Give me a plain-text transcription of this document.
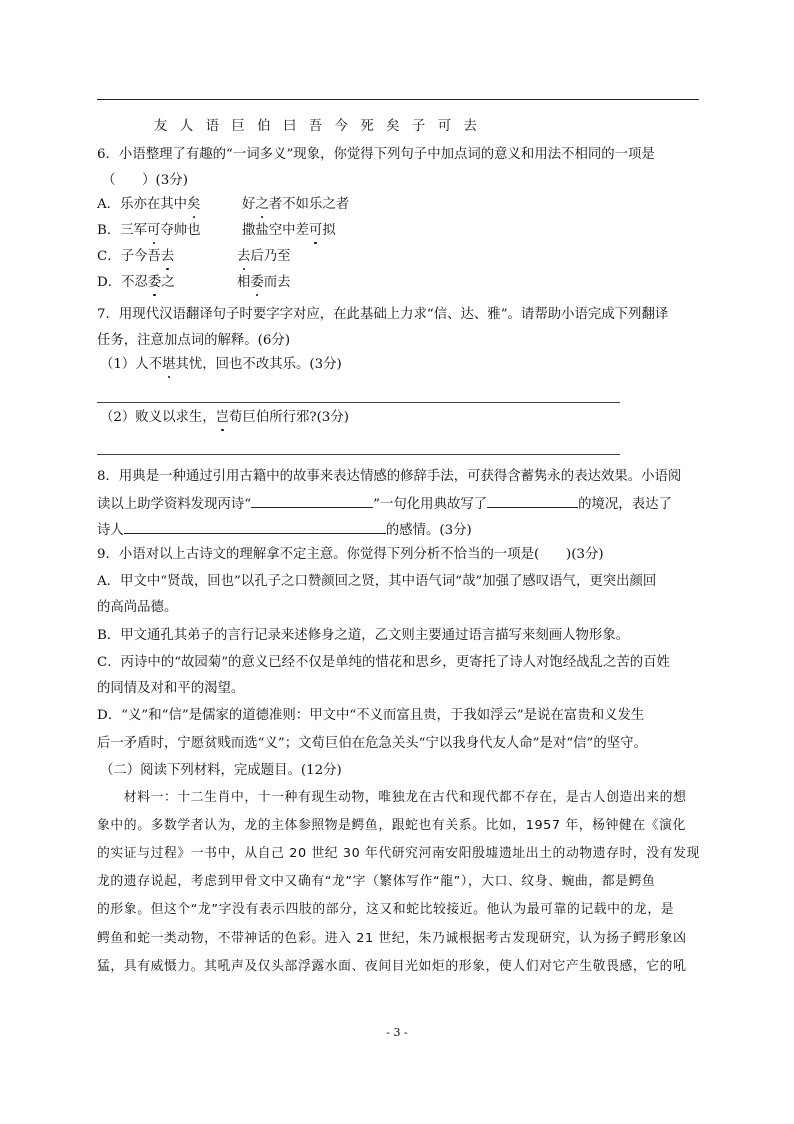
友人语巨伯曰吾今死矣子可去
6．小语整理了有趣的“一词多义”现象，你觉得下列句子中加点词的意义和用法不相同的一项是
（　　）(3分)
A．乐亦在其中矣	好之者不如乐之者
B．三军可夺帅也	撒盐空中差可拟
C．子今吾去	去后乃至
D．不忍委之	相委而去
7．用现代汉语翻译句子时要字字对应，在此基础上力求“信、达、雅”。请帮助小语完成下列翻译
任务，注意加点词的解释。(6分)
（1）人不堪其忧，回也不改其乐。(3分)
（2）败义以求生，岂荀巨伯所行邪?(3分)
8．用典是一种通过引用古籍中的故事来表达情感的修辞手法，可获得含蓄隽永的表达效果。小语阅
读以上助学资料发现丙诗“	”一句化用典故写了	的境况，表达了
诗人	的感情。(3分)
9．小语对以上古诗文的理解拿不定主意。你觉得下列分析不恰当的一项是(　　)(3分)
A．甲文中“贤哉，回也”以孔子之口赞颜回之贤，其中语气词“哉”加强了感叹语气，更突出颜回
的高尚品德。
B．甲文通孔其弟子的言行记录来述修身之道，乙文则主要通过语言描写来刻画人物形象。
C．丙诗中的“故园菊”的意义已经不仅是单纯的惜花和思乡，更寄托了诗人对饱经战乱之苦的百姓
的同情及对和平的渴望。
D．“义”和“信”是儒家的道德准则：甲文中“不义而富且贵，于我如浮云”是说在富贵和义发生
后一矛盾时，宁愿贫贱而选“义”；文荀巨伯在危急关头“宁以我身代友人命”是对“信”的坚守。
（二）阅读下列材料，完成题目。(12分)
　　材料一：十二生肖中，十一种有现生动物，唯独龙在古代和现代都不存在，是古人创造出来的想
象中的。多数学者认为，龙的主体参照物是鳄鱼，跟蛇也有关系。比如，1957 年，杨钟健在《演化
的实证与过程》一书中，从自己 20 世纪 30 年代研究河南安阳殷墟遗址出土的动物遗存时，没有发现
龙的遗存说起，考虑到甲骨文中又确有“龙”字（繁体写作“龍”），大口、纹身、蜿曲，都是鳄鱼
的形象。但这个“龙”字没有表示四肢的部分，这又和蛇比较接近。他认为最可靠的记载中的龙，是
鳄鱼和蛇一类动物，不带神话的色彩。进入 21 世纪，朱乃诚根据考古发现研究，认为扬子鳄形象凶
猛，具有威慑力。其吼声及仅头部浮露水面、夜间目光如炬的形象，使人们对它产生敬畏感，它的吼
- 3 -
